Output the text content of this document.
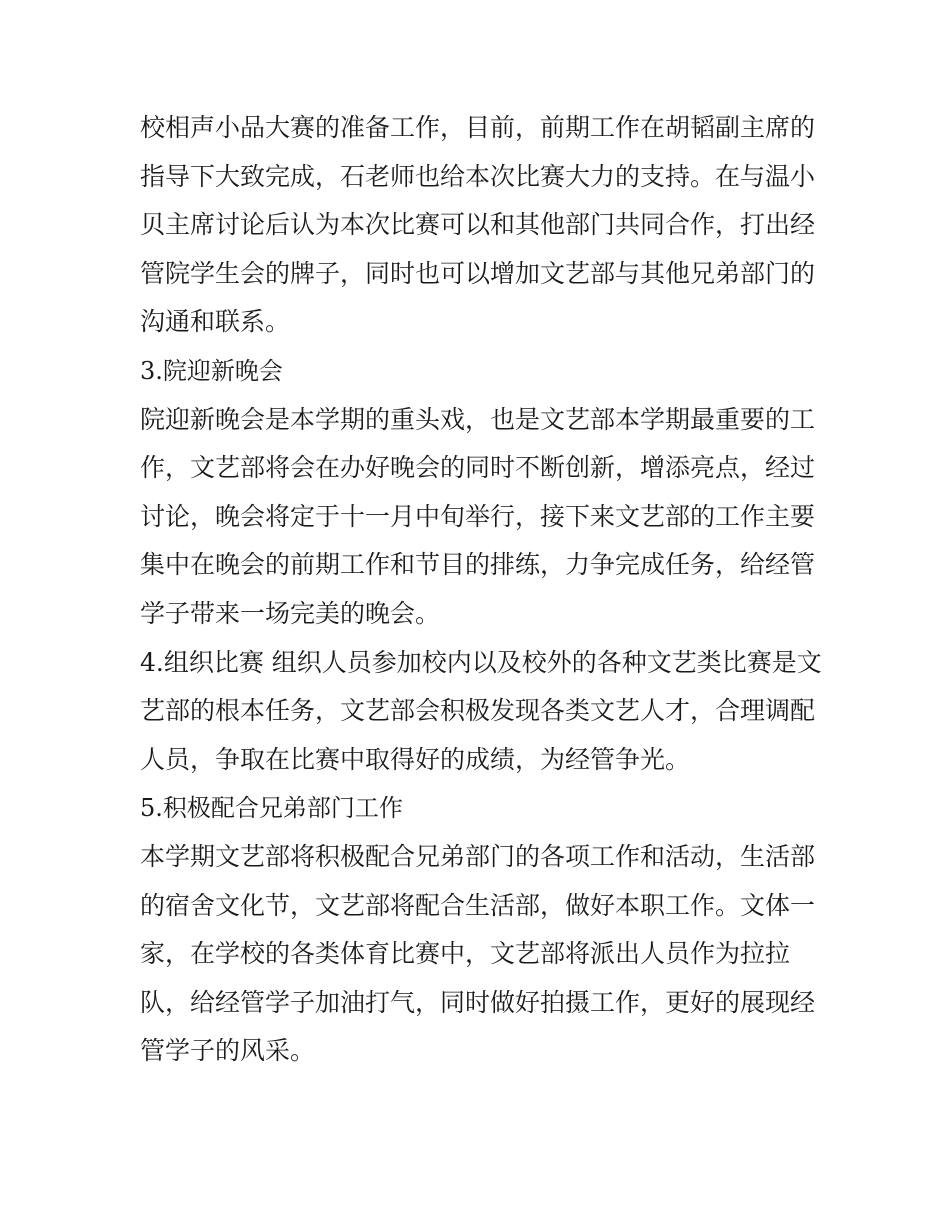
校相声小品大赛的准备工作，目前，前期工作在胡韬副主席的

指导下大致完成，石老师也给本次比赛大力的支持。在与温小

贝主席讨论后认为本次比赛可以和其他部门共同合作，打出经

管院学生会的牌子，同时也可以增加文艺部与其他兄弟部门的

沟通和联系。

3.院迎新晚会

院迎新晚会是本学期的重头戏，也是文艺部本学期最重要的工

作，文艺部将会在办好晚会的同时不断创新，增添亮点，经过

讨论，晚会将定于十一月中旬举行，接下来文艺部的工作主要

集中在晚会的前期工作和节目的排练，力争完成任务，给经管

学子带来一场完美的晚会。

4.组织比赛 组织人员参加校内以及校外的各种文艺类比赛是文

艺部的根本任务，文艺部会积极发现各类文艺人才，合理调配

人员，争取在比赛中取得好的成绩，为经管争光。

5.积极配合兄弟部门工作

本学期文艺部将积极配合兄弟部门的各项工作和活动，生活部

的宿舍文化节，文艺部将配合生活部，做好本职工作。文体一

家，在学校的各类体育比赛中，文艺部将派出人员作为拉拉

队，给经管学子加油打气，同时做好拍摄工作，更好的展现经

管学子的风采。
